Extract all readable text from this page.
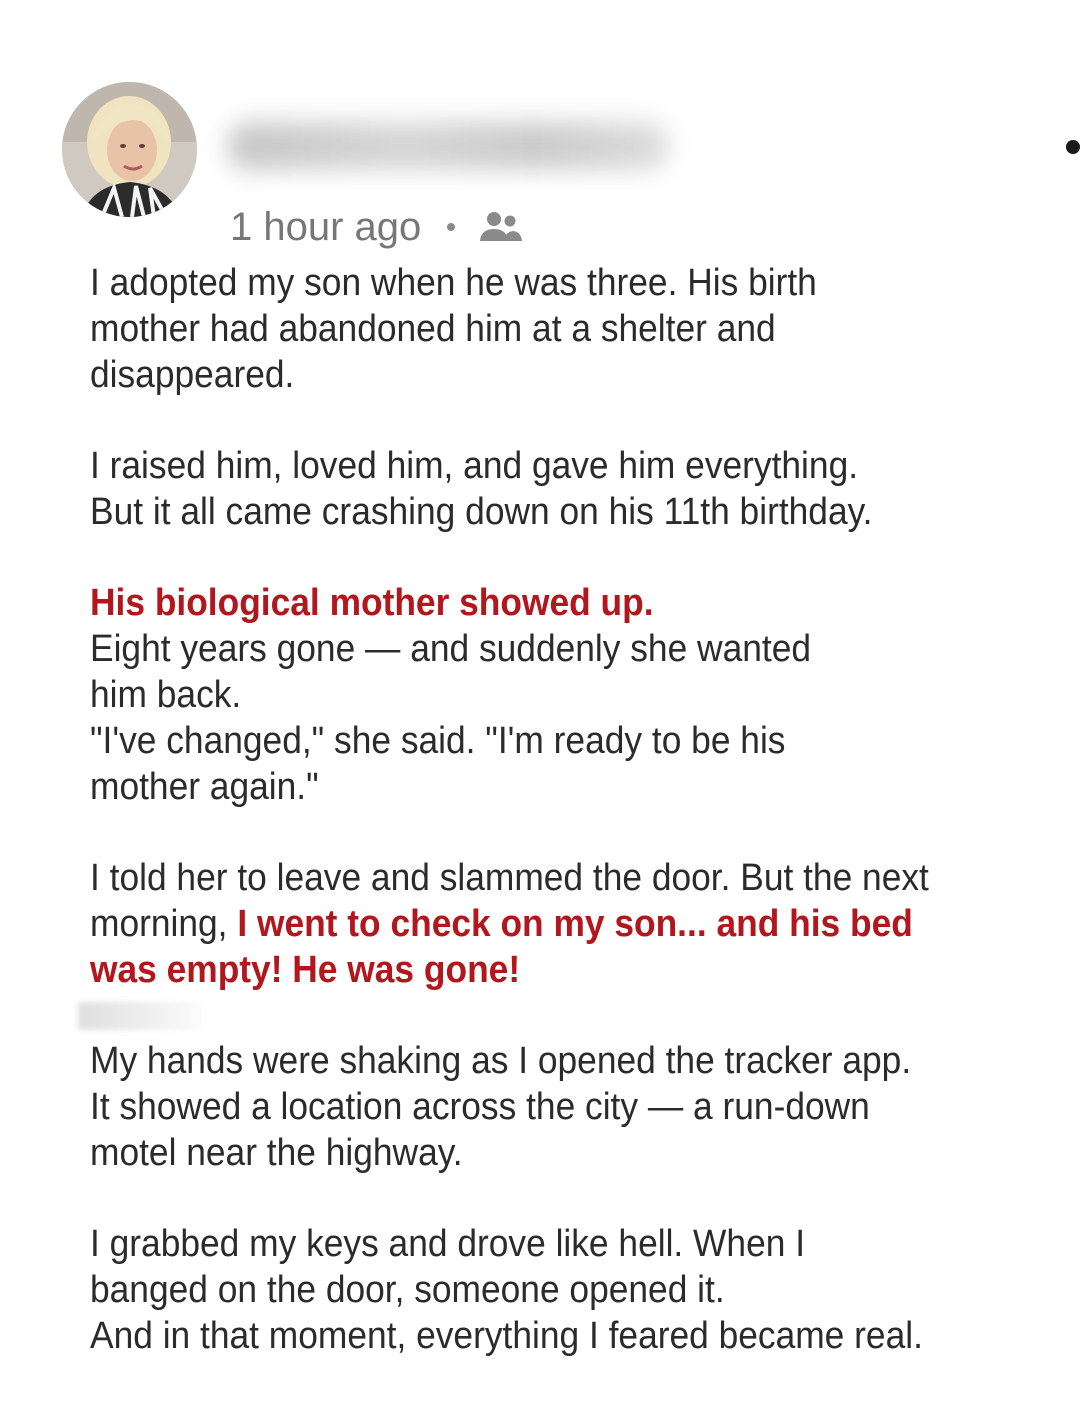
1 hour ago

I adopted my son when he was three. His birth
mother had abandoned him at a shelter and
disappeared.

I raised him, loved him, and gave him everything.
But it all came crashing down on his 11th birthday.

His biological mother showed up.
Eight years gone — and suddenly she wanted
him back.
"I've changed," she said. "I'm ready to be his
mother again."

I told her to leave and slammed the door. But the next
morning, I went to check on my son... and his bed
was empty! He was gone!

My hands were shaking as I opened the tracker app.
It showed a location across the city — a run-down
motel near the highway.

I grabbed my keys and drove like hell. When I
banged on the door, someone opened it.
And in that moment, everything I feared became real.
